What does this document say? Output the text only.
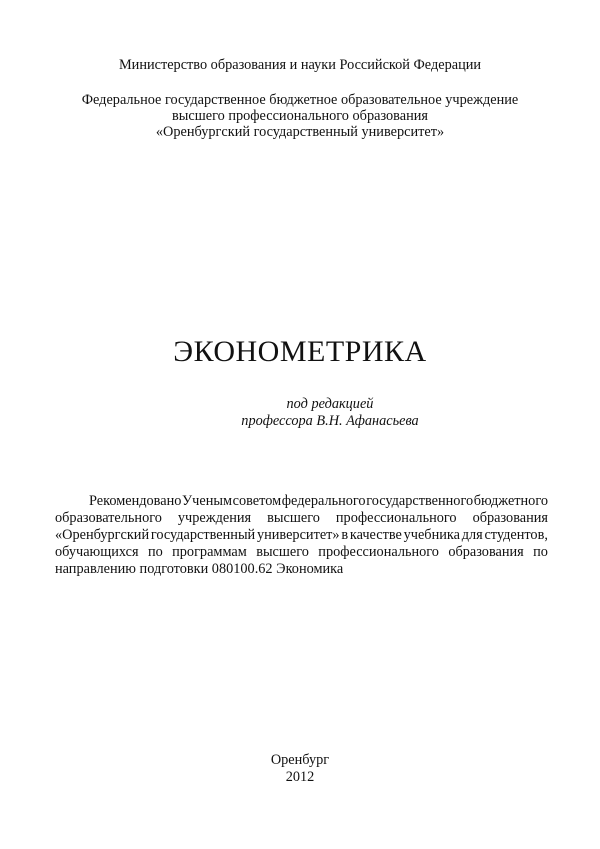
Министерство образования и науки Российской Федерации
Федеральное государственное бюджетное образовательное учреждение
высшего профессионального образования
«Оренбургский государственный университет»
ЭКОНОМЕТРИКА
под редакцией
профессора В.Н. Афанасьева
Рекомендовано Ученым советом федерального государственного бюджетного
образовательного учреждения высшего профессионального образования
«Оренбургский государственный университет» в качестве учебника для студентов,
обучающихся по программам высшего профессионального образования по
направлению подготовки 080100.62 Экономика
Оренбург
2012
